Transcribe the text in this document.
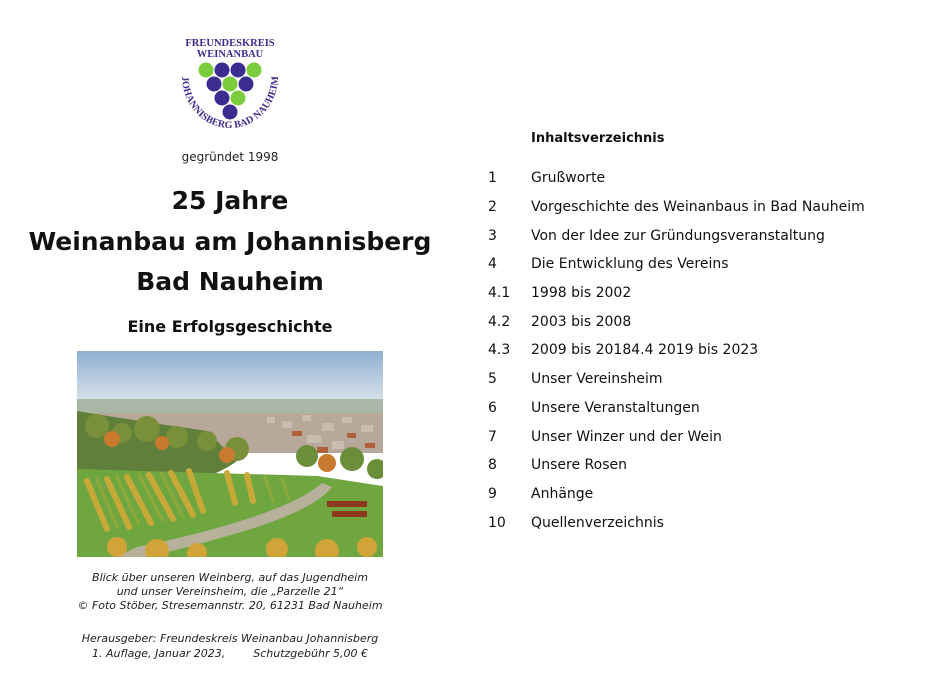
FREUNDESKREIS
WEINANBAU
JOHANNISBERG BAD NAUHEIM
gegründet 1998
25 Jahre
Weinanbau am Johannisberg
Bad Nauheim
Eine Erfolgsgeschichte
Blick über unseren Weinberg, auf das Jugendheim
und unser Vereinsheim, die „Parzelle 21“
© Foto Stöber, Stresemannstr. 20, 61231 Bad Nauheim
Herausgeber: Freundeskreis Weinanbau Johannisberg
1. Auflage, Januar 2023,	Schutzgebühr 5,00 €
Inhaltsverzeichnis
1	Grußworte
2	Vorgeschichte des Weinanbaus in Bad Nauheim
3	Von der Idee zur Gründungsveranstaltung
4	Die Entwicklung des Vereins
4.1	1998 bis 2002
4.2	2003 bis 2008
4.3	2009 bis 20184.4 2019 bis 2023
5	Unser Vereinsheim
6	Unsere Veranstaltungen
7	Unser Winzer und der Wein
8	Unsere Rosen
9	Anhänge
10	Quellenverzeichnis
